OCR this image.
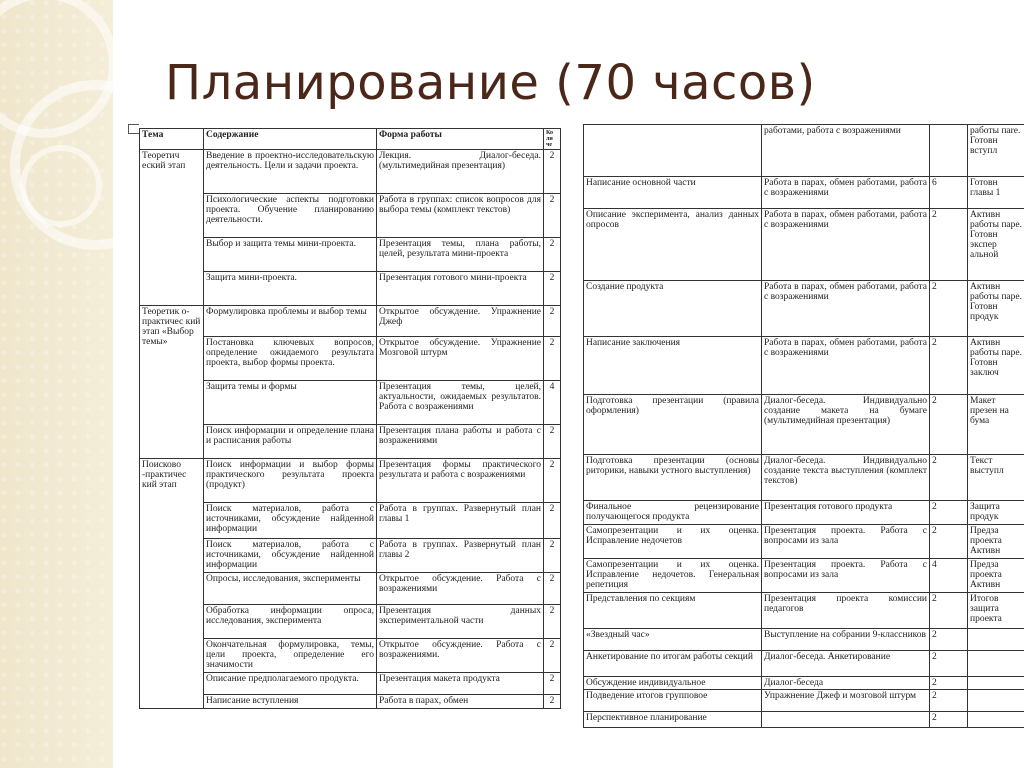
Планирование (70 часов)
Тема	Содержание	Форма работы	Ко
ли
че
Теоретич еский этап	Введение в проектно-исследовательскую деятельность. Цели и задачи проекта.	Лекция. Диалог-беседа. (мультимедийная презентация)	2
	Психологические аспекты подготовки проекта. Обучение планированию деятельности.	Работа в группах: список вопросов для выбора темы (комплект текстов)	2
	Выбор и защита темы мини-проекта.	Презентация темы, плана работы, целей, результата мини-проекта	2
	Защита мини-проекта.	Презентация готового мини-проекта	2
Теоретик о-практичес кий этап «Выбор темы»	Формулировка проблемы и выбор темы	Открытое обсуждение. Упражнение Джеф	2
	Постановка ключевых вопросов, определение ожидаемого результата проекта, выбор формы проекта.	Открытое обсуждение. Упражнение Мозговой штурм	2
	Защита темы и формы	Презентация темы, целей, актуальности, ожидаемых результатов. Работа с возражениями	4
	Поиск информации и определение плана и расписания работы	Презентация плана работы и работа с возражениями	2
Поисково -практичес кий этап	Поиск информации и выбор формы практического результата проекта (продукт)	Презентация формы практического результата и работа с возражениями	2
	Поиск материалов, работа с источниками, обсуждение найденной информации	Работа в группах. Развернутый план главы 1	2
	Поиск материалов, работа с источниками, обсуждение найденной информации	Работа в группах. Развернутый план главы 2	2
	Опросы, исследования, эксперименты	Открытое обсуждение. Работа с возражениями	2
	Обработка информации опроса, исследования, эксперимента	Презентация данных экспериментальной части	2
	Окончательная формулировка, темы, цели проекта, определение его значимости	Открытое обсуждение. Работа с возражениями.	2
	Описание предполагаемого продукта.	Презентация макета продукта	2
	Написание вступления	Работа в парах, обмен	2
	работами, работа с возражениями		работы пare. Готовн вступл
Написание основной части	Работа в парах, обмен работами, работа с возражениями	6	Готовн главы 1
Описание эксперимента, анализ данных опросов	Работа в парах, обмен работами, работа с возражениями	2	Активн работы паре. Готовн экспер альной
Создание продукта	Работа в парах, обмен работами, работа с возражениями	2	Активн работы паре. Готовн продук
Написание заключения	Работа в парах, обмен работами, работа с возражениями	2	Активн работы паре. Готовн заключ
Подготовка презентации (правила оформления)	Диалог-беседа. Индивидуально создание макета на бумаге (мультимедийная презентация)	2	Макет презен на бума
Подготовка презентации (основы риторики, навыки устного выступления)	Диалог-беседа. Индивидуально создание текста выступления (комплект текстов)	2	Текст выступл
Финальное рецензирование получающегося продукта	Презентация готового продукта	2	Защита продук
Самопрезентации и их оценка. Исправление недочетов	Презентация проекта. Работа с вопросами из зала	2	Предза проекта Активн
Самопрезентации и их оценка. Исправление недочетов. Генеральная репетиция	Презентация проекта. Работа с вопросами из зала	4	Предза проекта Активн
Представления по секциям	Презентация проекта комиссии педагогов	2	Итогов защита проекта
«Звездный час»	Выступление на собрании 9-классников	2	
Анкетирование по итогам работы секций	Диалог-беседа. Анкетирование	2	
Обсуждение индивидуальное	Диалог-беседа	2	
Подведение итогов групповое	Упражнение Джеф и мозговой штурм	2	
Перспективное планирование		2	
